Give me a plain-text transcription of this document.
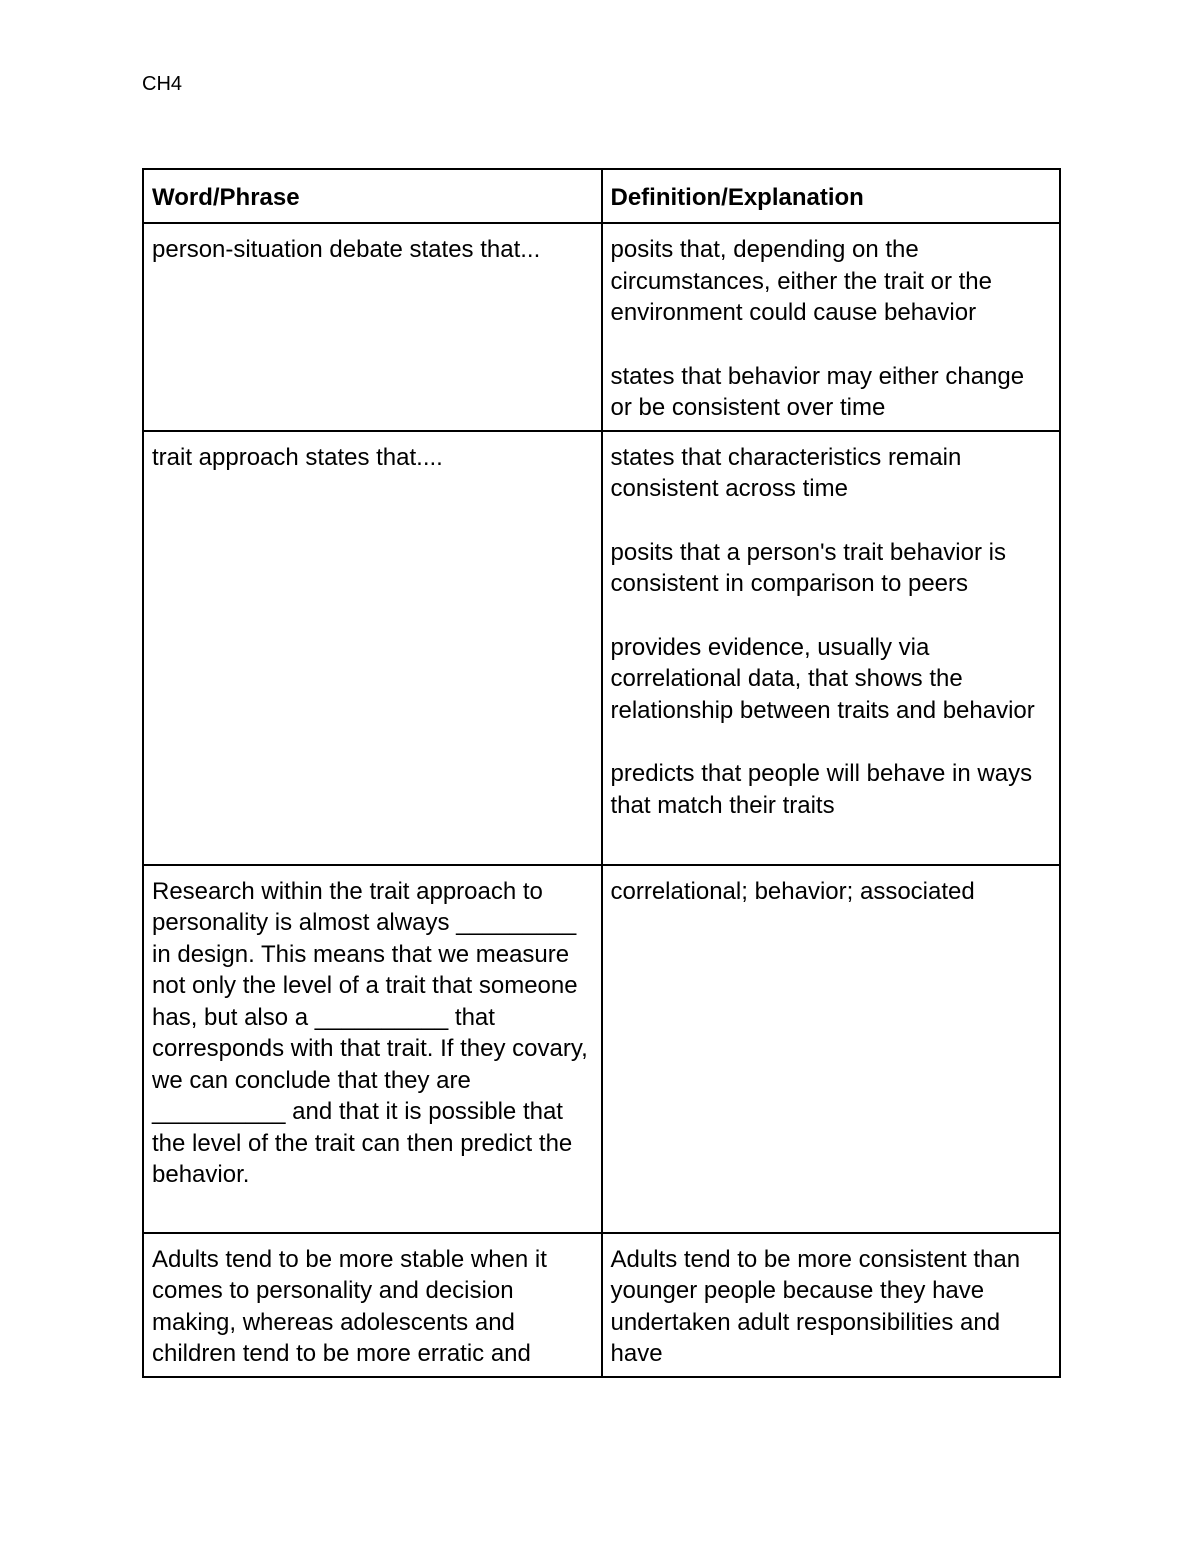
CH4
Word/Phrase	Definition/Explanation
person-situation debate states that...	posits that, depending on the circumstances, either the trait or the environment could cause behavior

states that behavior may either change or be consistent over time

trait approach states that....	states that characteristics remain consistent across time

posits that a person's trait behavior is consistent in comparison to peers

provides evidence, usually via correlational data, that shows the relationship between traits and behavior

predicts that people will behave in ways that match their traits

Research within the trait approach to personality is almost always _________ in design. This means that we measure not only the level of a trait that someone has, but also a __________ that corresponds with that trait. If they covary, we can conclude that they are __________ and that it is possible that the level of the trait can then predict the behavior.	correlational; behavior; associated

Adults tend to be more stable when it comes to personality and decision making, whereas adolescents and children tend to be more erratic and	Adults tend to be more consistent than younger people because they have undertaken adult responsibilities and have
